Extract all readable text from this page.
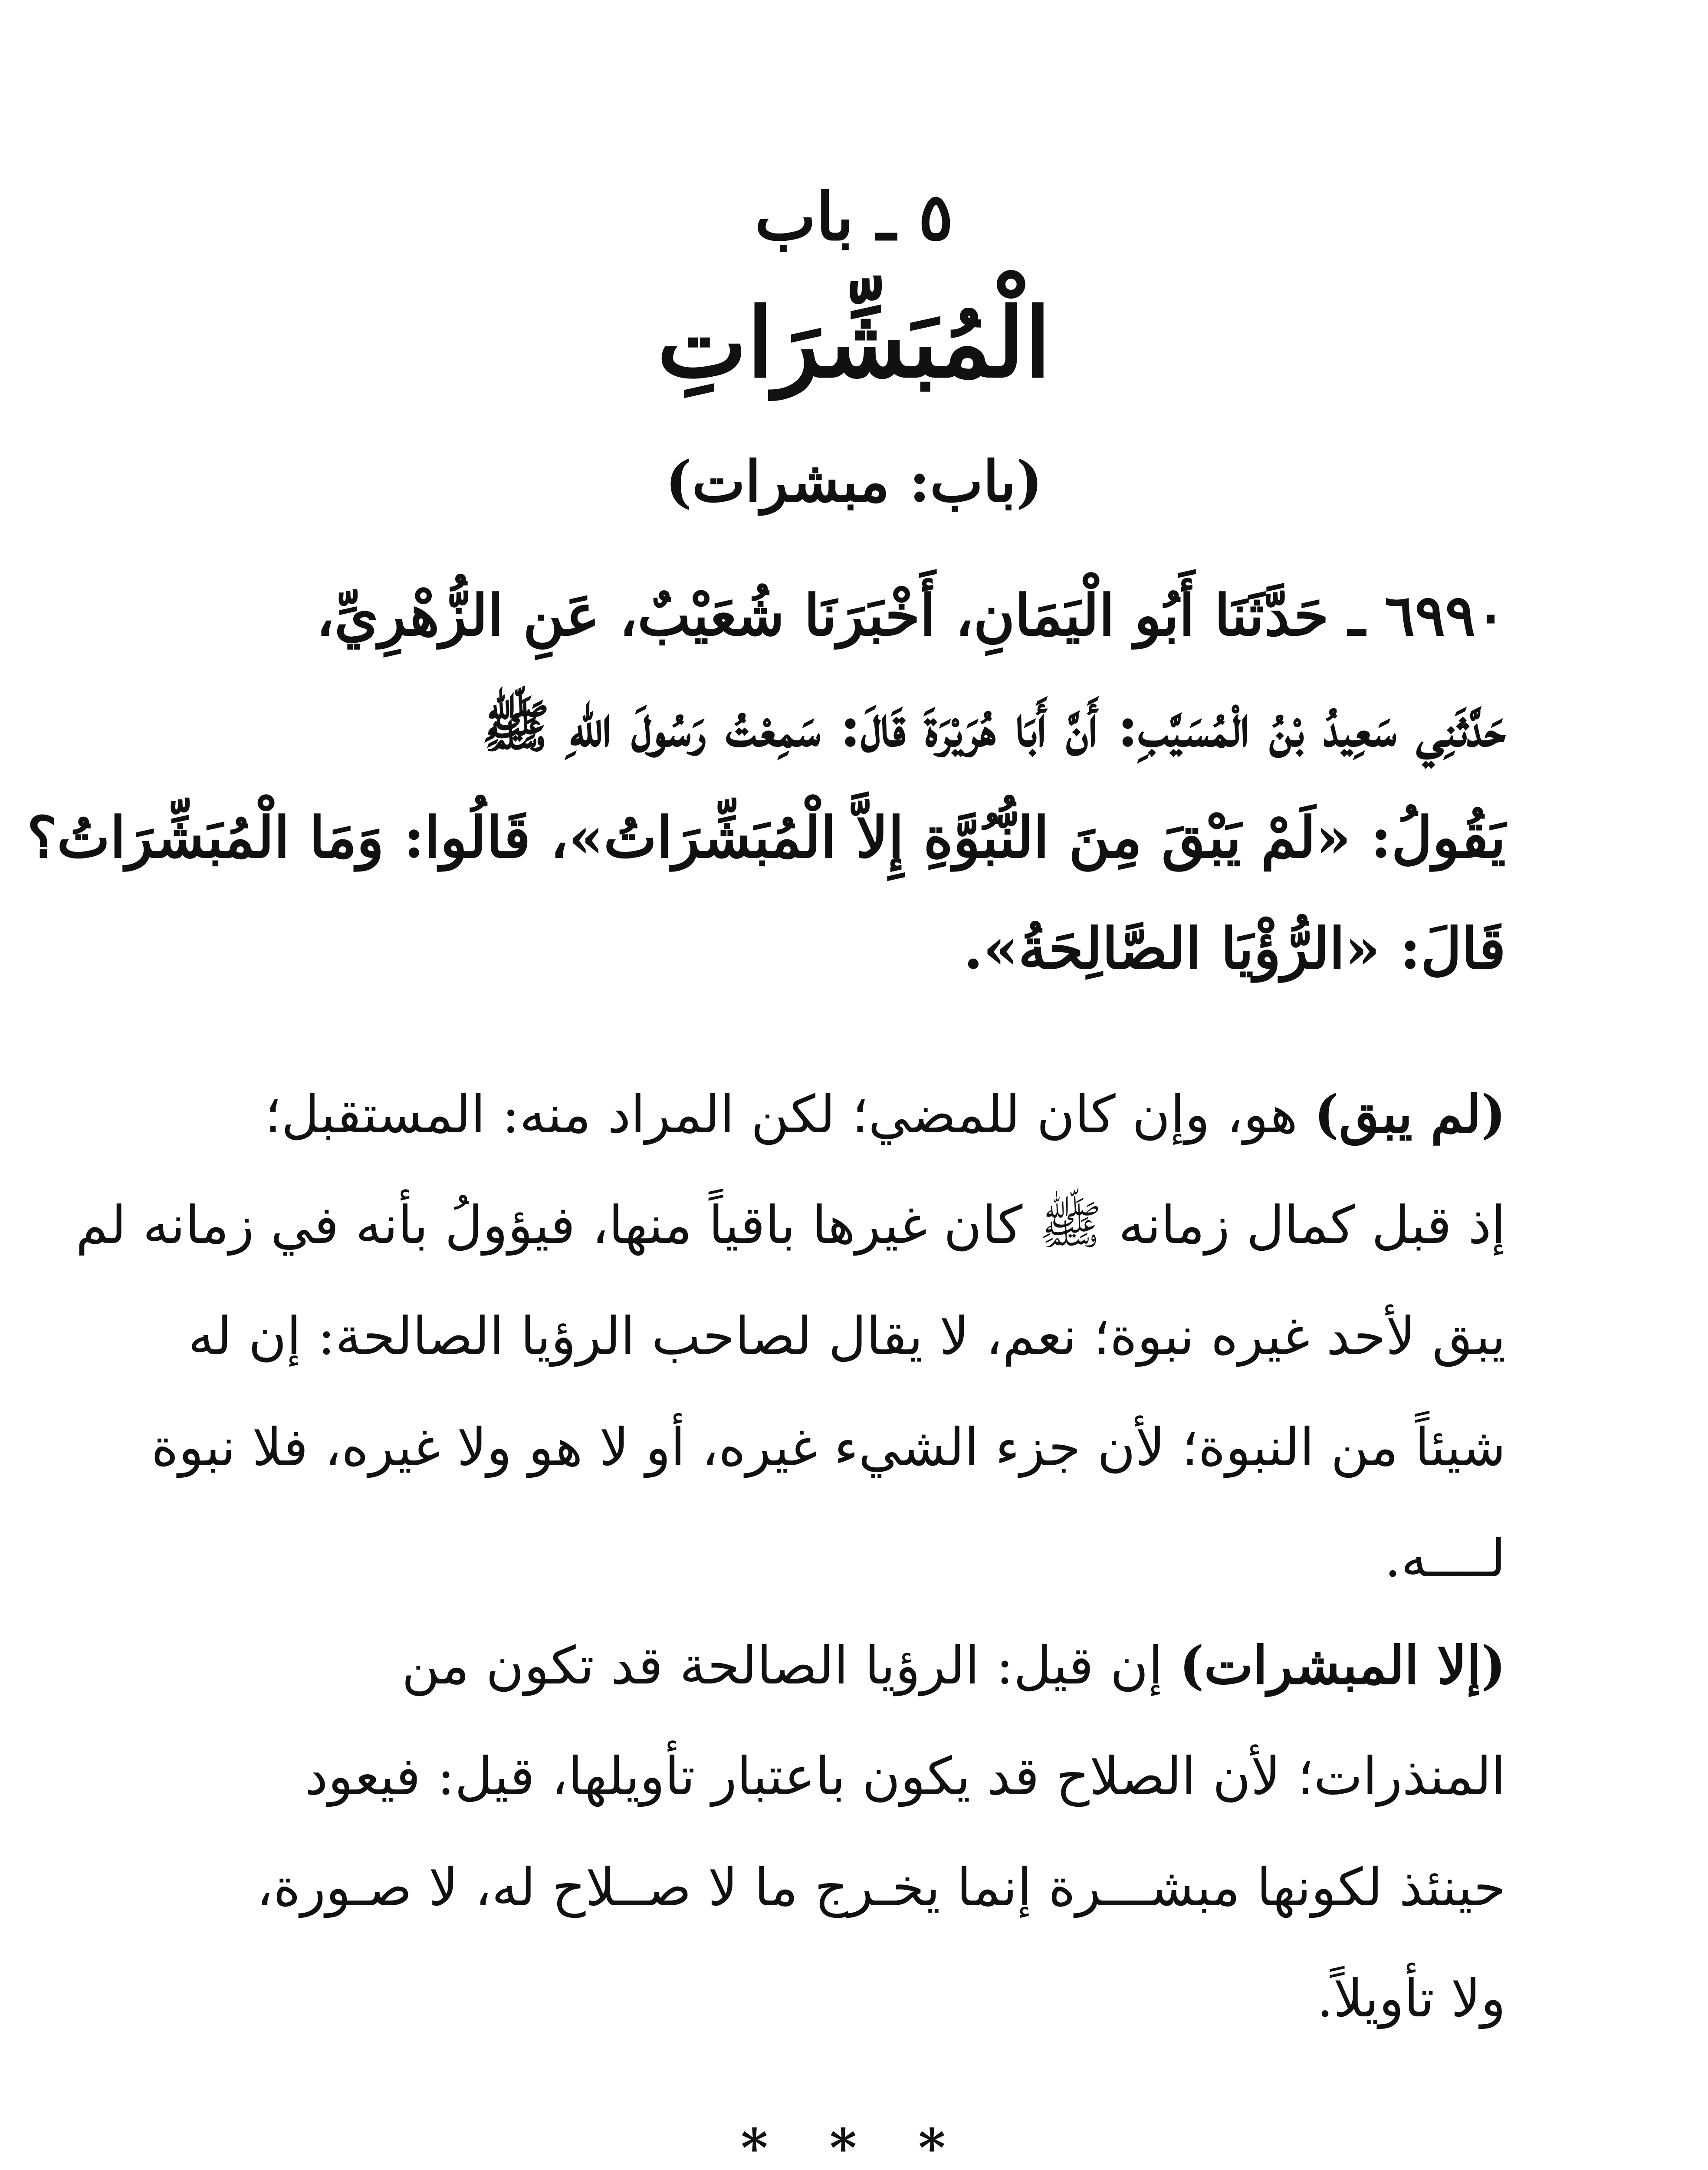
٥ ـ باب
الْمُبَشِّرَاتِ
(باب: مبشرات)
٦٩٩٠ ـ حَدَّثَنَا أَبُو الْيَمَانِ، أَخْبَرَنَا شُعَيْبٌ، عَنِ الزُّهْرِيِّ،
حَدَّثَنِي سَعِيدُ بْنُ الْمُسَيَّبِ: أَنَّ أَبَا هُرَيْرَةَ قَالَ: سَمِعْتُ رَسُولَ اللهِ ﷺ
يَقُولُ: «لَمْ يَبْقَ مِنَ النُّبُوَّةِ إِلاَّ الْمُبَشِّرَاتُ»، قَالُوا: وَمَا الْمُبَشِّرَاتُ؟
قَالَ: «الرُّؤْيَا الصَّالِحَةُ».
(لم يبق) هو، وإن كان للمضي؛ لكن المراد منه: المستقبل؛
إذ قبل كمال زمانه ﷺ كان غيرها باقياً منها، فيؤولُ بأنه في زمانه لم
يبق لأحد غيره نبوة؛ نعم، لا يقال لصاحب الرؤيا الصالحة: إن له
شيئاً من النبوة؛ لأن جزء الشيء غيره، أو لا هو ولا غيره، فلا نبوة
لــــه.
(إلا المبشرات) إن قيل: الرؤيا الصالحة قد تكون من
المنذرات؛ لأن الصلاح قد يكون باعتبار تأويلها، قيل: فيعود
حينئذ لكونها مبشـــرة إنما يخـرج ما لا صــلاح له، لا صـورة،
ولا تأويلاً.
* * *
